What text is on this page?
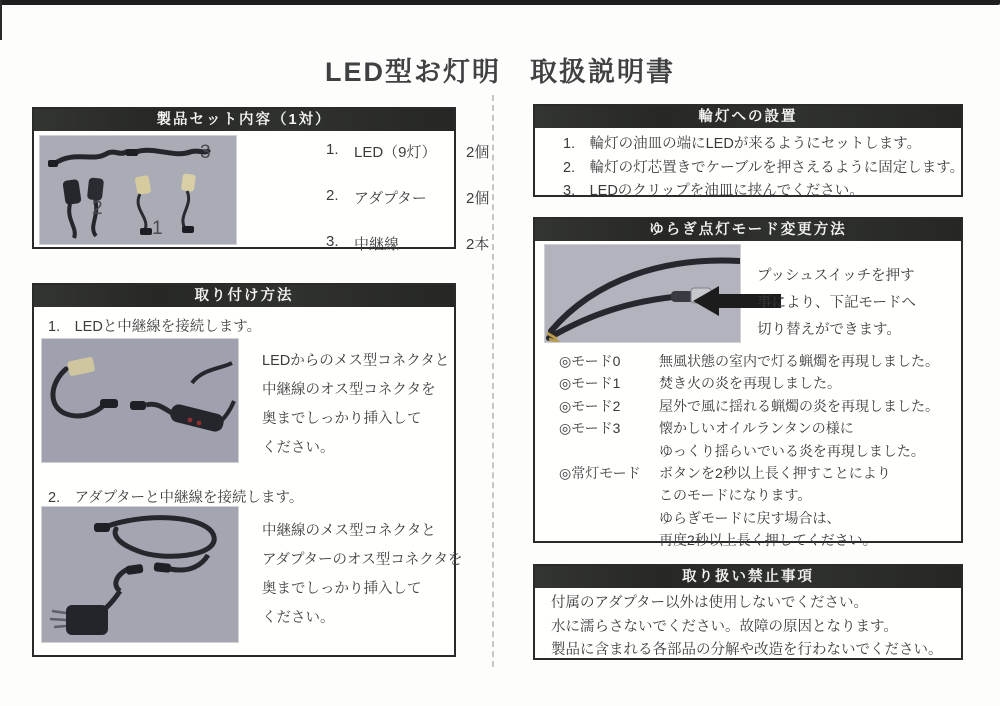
LED型お灯明　取扱説明書
製品セット内容（1対）
3
2
1
1.	LED（9灯）	2個
2.	アダプター	2個
3.	中継線	2本
取り付け方法
1.　LEDと中継線を接続します。
LEDからのメス型コネクタと
中継線のオス型コネクタを
奥までしっかり挿入して
ください。
2.　アダプターと中継線を接続します。
中継線のメス型コネクタと
アダプターのオス型コネクタを
奥までしっかり挿入して
ください。
輪灯への設置
1.　輪灯の油皿の端にLEDが来るようにセットします。
2.　輪灯の灯芯置きでケーブルを押さえるように固定します。
3.　LEDのクリップを油皿に挟んでください。
ゆらぎ点灯モード変更方法
プッシュスイッチを押す
事により、下記モードへ
切り替えができます。
◎モード0	無風状態の室内で灯る蝋燭を再現しました。
◎モード1	焚き火の炎を再現しました。
◎モード2	屋外で風に揺れる蝋燭の炎を再現しました。
◎モード3	懐かしいオイルランタンの様に
ゆっくり揺らいでいる炎を再現しました。
◎常灯モード	ボタンを2秒以上長く押すことにより
このモードになります。
ゆらぎモードに戻す場合は、
再度2秒以上長く押してください。
取り扱い禁止事項
付属のアダプター以外は使用しないでください。
水に濡らさないでください。故障の原因となります。
製品に含まれる各部品の分解や改造を行わないでください。
